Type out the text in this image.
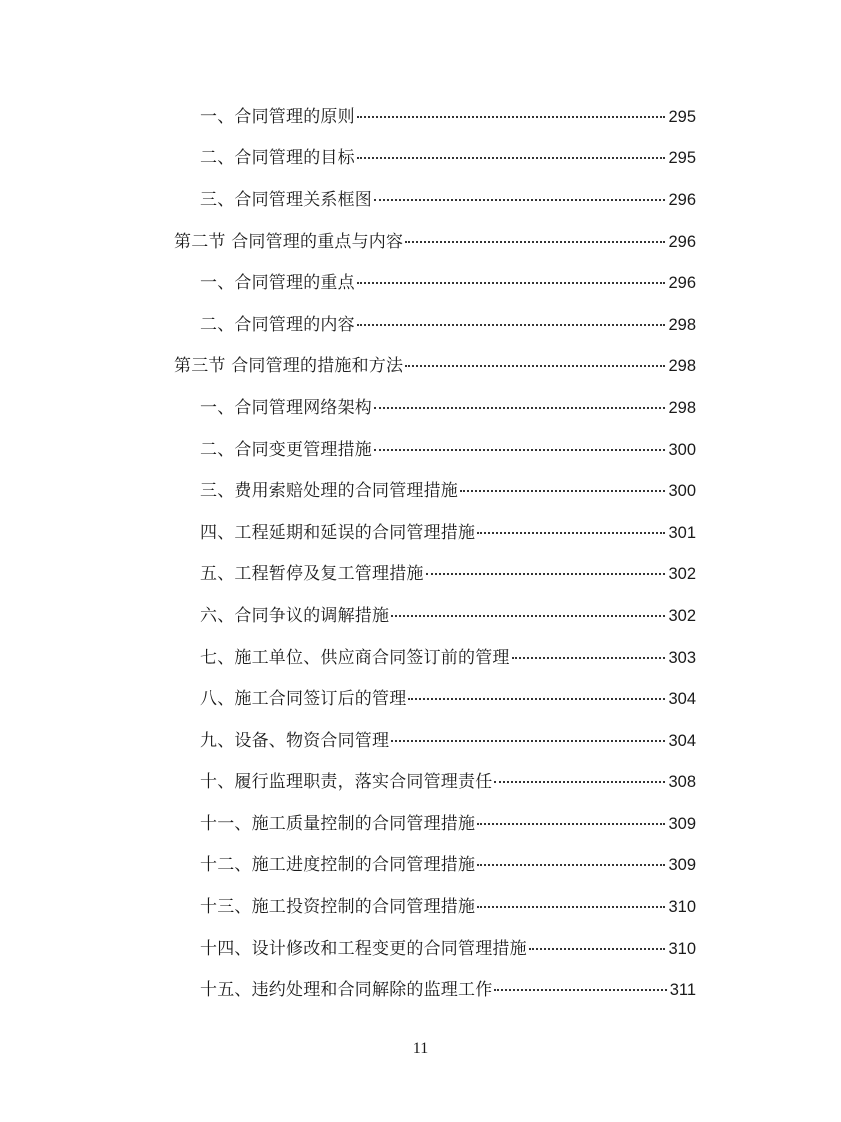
一、合同管理的原则	295
二、合同管理的目标	295
三、合同管理关系框图	296
第二节 合同管理的重点与内容	296
一、合同管理的重点	296
二、合同管理的内容	298
第三节 合同管理的措施和方法	298
一、合同管理网络架构	298
二、合同变更管理措施	300
三、费用索赔处理的合同管理措施	300
四、工程延期和延误的合同管理措施	301
五、工程暂停及复工管理措施	302
六、合同争议的调解措施	302
七、施工单位、供应商合同签订前的管理	303
八、施工合同签订后的管理	304
九、设备、物资合同管理	304
十、履行监理职责，落实合同管理责任	308
十一、施工质量控制的合同管理措施	309
十二、施工进度控制的合同管理措施	309
十三、施工投资控制的合同管理措施	310
十四、设计修改和工程变更的合同管理措施	310
十五、违约处理和合同解除的监理工作	311
11
